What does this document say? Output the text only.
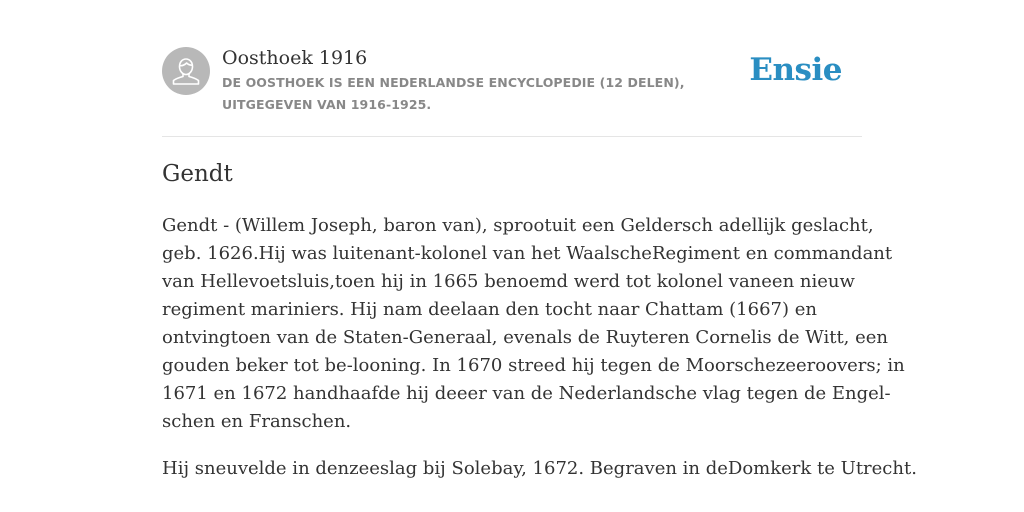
Oosthoek 1916
DE OOSTHOEK IS EEN NEDERLANDSE ENCYCLOPEDIE (12 DELEN), UITGEGEVEN VAN 1916-1925.
Ensie
Gendt

Gendt - (Willem Joseph, baron van), sprootuit een Geldersch adellijk geslacht,
geb. 1626.Hij was luitenant-kolonel van het WaalscheRegiment en commandant
van Hellevoetsluis,toen hij in 1665 benoemd werd tot kolonel vaneen nieuw
regiment mariniers. Hij nam deelaan den tocht naar Chattam (1667) en
ontvingtoen van de Staten-Generaal, evenals de Ruyteren Cornelis de Witt, een
gouden beker tot be-looning. In 1670 streed hij tegen de Moorschezeeroovers; in
1671 en 1672 handhaafde hij deeer van de Nederlandsche vlag tegen de Engel-
schen en Franschen.

Hij sneuvelde in denzeeslag bij Solebay, 1672. Begraven in deDomkerk te Utrecht.
